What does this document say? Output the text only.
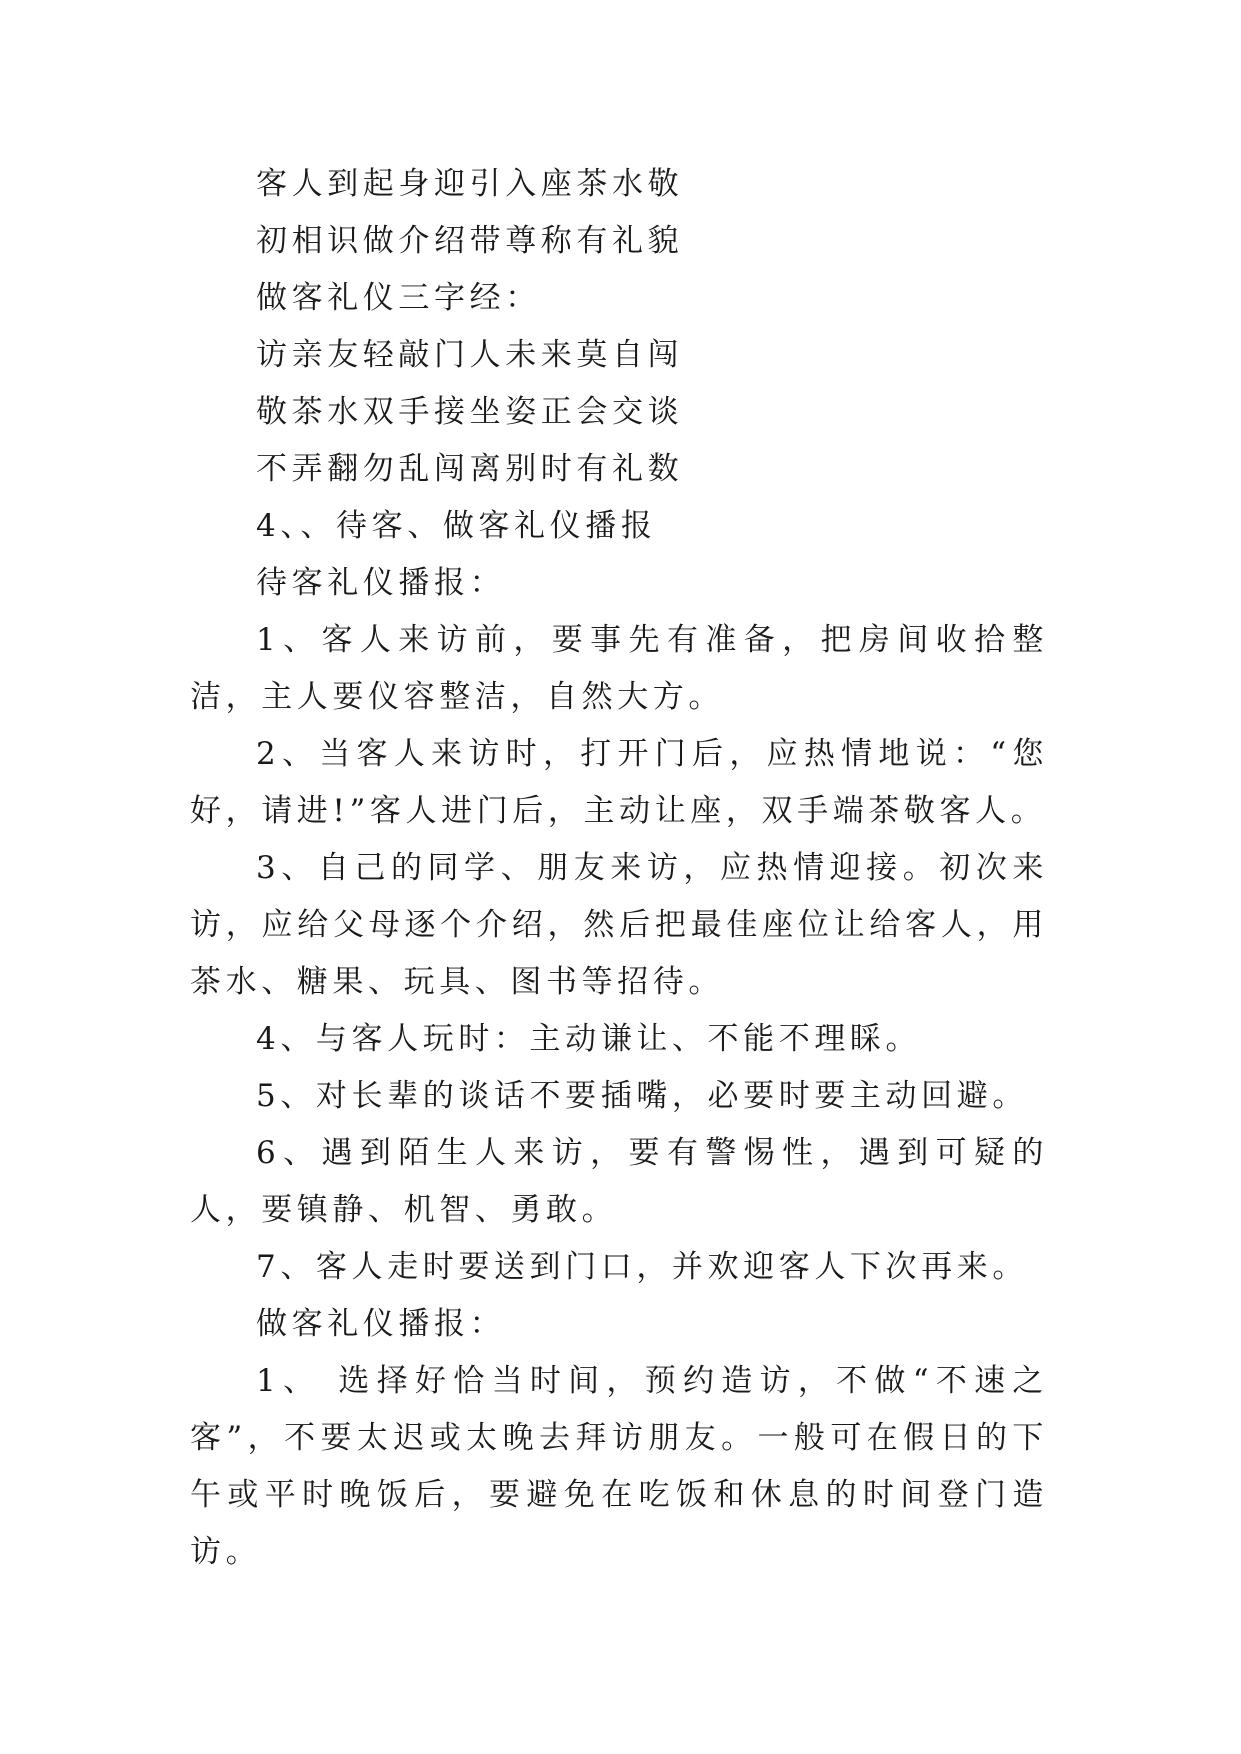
客人到起身迎引入座茶水敬

初相识做介绍带尊称有礼貌

做客礼仪三字经：

访亲友轻敲门人未来莫自闯

敬茶水双手接坐姿正会交谈

不弄翻勿乱闯离别时有礼数

4、、待客、做客礼仪播报

待客礼仪播报：

1、客人来访前，要事先有准备，把房间收拾整洁，主人要仪容整洁，自然大方。

2、当客人来访时，打开门后，应热情地说：“您好，请进!”客人进门后，主动让座，双手端茶敬客人。

3、自己的同学、朋友来访，应热情迎接。初次来访，应给父母逐个介绍，然后把最佳座位让给客人，用茶水、糖果、玩具、图书等招待。

4、与客人玩时：主动谦让、不能不理睬。

5、对长辈的谈话不要插嘴，必要时要主动回避。

6、遇到陌生人来访，要有警惕性，遇到可疑的人，要镇静、机智、勇敢。

7、客人走时要送到门口，并欢迎客人下次再来。

做客礼仪播报：

1、 选择好恰当时间，预约造访，不做“不速之客”，不要太迟或太晚去拜访朋友。一般可在假日的下午或平时晚饭后，要避免在吃饭和休息的时间登门造访。
